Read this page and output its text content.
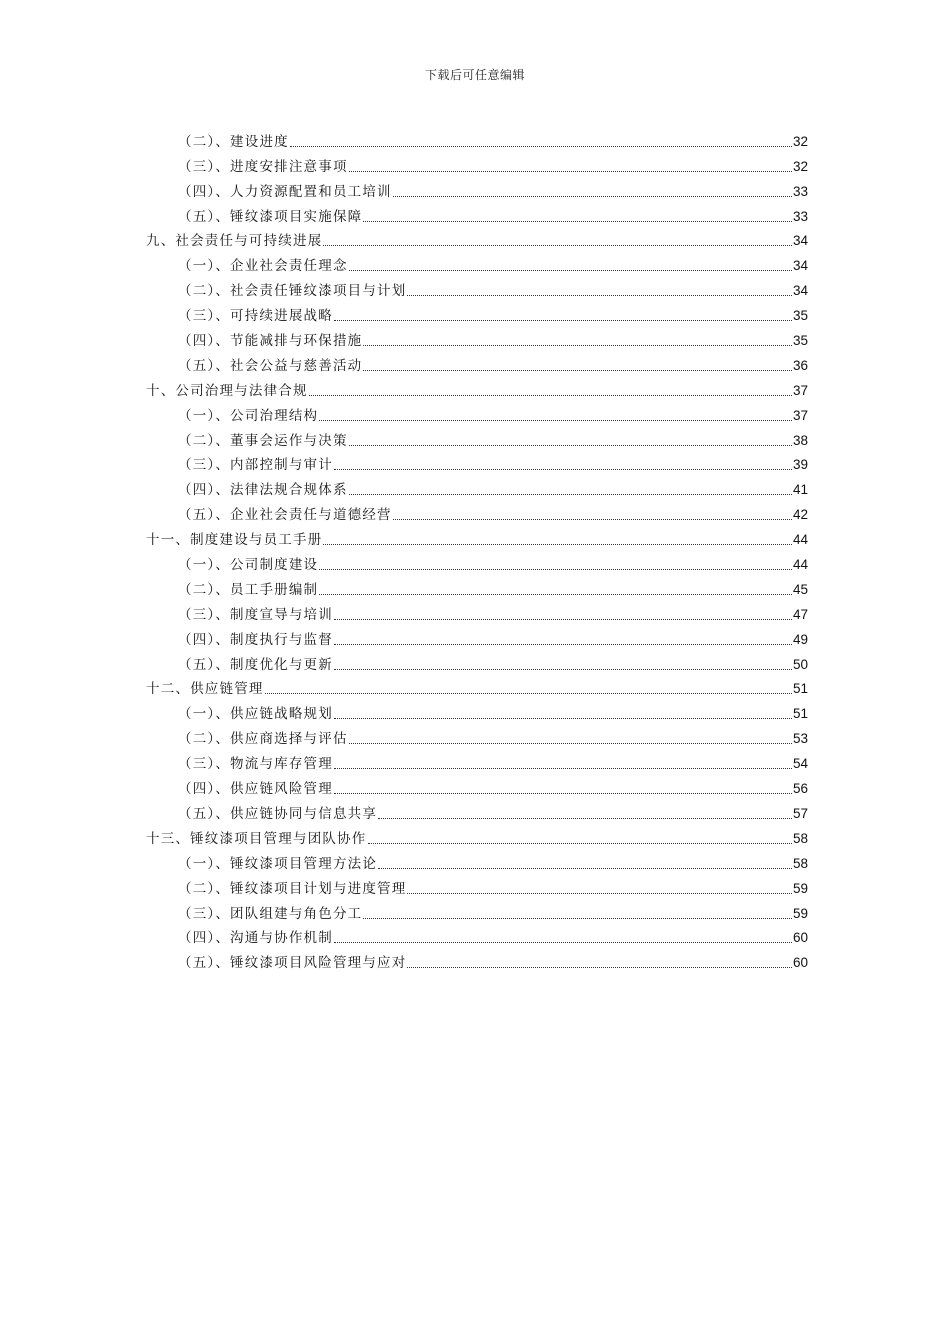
下载后可任意编辑
（二）、建设进度	32
（三）、进度安排注意事项	32
（四）、人力资源配置和员工培训	33
（五）、锤纹漆项目实施保障	33
九、社会责任与可持续进展	34
（一）、企业社会责任理念	34
（二）、社会责任锤纹漆项目与计划	34
（三）、可持续进展战略	35
（四）、节能减排与环保措施	35
（五）、社会公益与慈善活动	36
十、公司治理与法律合规	37
（一）、公司治理结构	37
（二）、董事会运作与决策	38
（三）、内部控制与审计	39
（四）、法律法规合规体系	41
（五）、企业社会责任与道德经营	42
十一、制度建设与员工手册	44
（一）、公司制度建设	44
（二）、员工手册编制	45
（三）、制度宣导与培训	47
（四）、制度执行与监督	49
（五）、制度优化与更新	50
十二、供应链管理	51
（一）、供应链战略规划	51
（二）、供应商选择与评估	53
（三）、物流与库存管理	54
（四）、供应链风险管理	56
（五）、供应链协同与信息共享	57
十三、锤纹漆项目管理与团队协作	58
（一）、锤纹漆项目管理方法论	58
（二）、锤纹漆项目计划与进度管理	59
（三）、团队组建与角色分工	59
（四）、沟通与协作机制	60
（五）、锤纹漆项目风险管理与应对	60
